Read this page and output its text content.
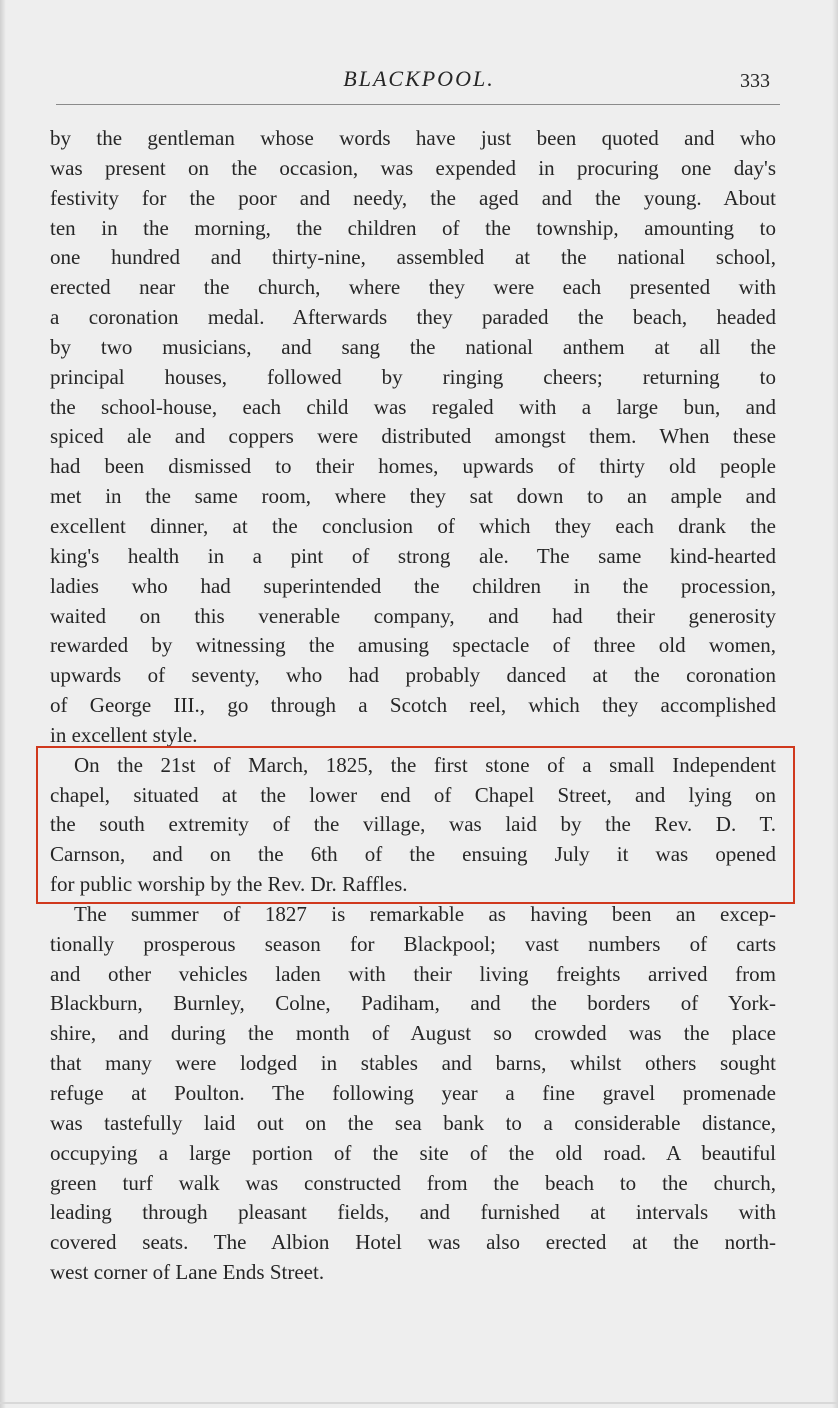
BLACKPOOL.	333
by the gentleman whose words have just been quoted and who
was present on the occasion, was expended in procuring one day's
festivity for the poor and needy, the aged and the young. About
ten in the morning, the children of the township, amounting to
one hundred and thirty-nine, assembled at the national school,
erected near the church, where they were each presented with
a coronation medal. Afterwards they paraded the beach, headed
by two musicians, and sang the national anthem at all the
principal houses, followed by ringing cheers; returning to
the school-house, each child was regaled with a large bun, and
spiced ale and coppers were distributed amongst them. When these
had been dismissed to their homes, upwards of thirty old people
met in the same room, where they sat down to an ample and
excellent dinner, at the conclusion of which they each drank the
king's health in a pint of strong ale. The same kind-hearted
ladies who had superintended the children in the procession,
waited on this venerable company, and had their generosity
rewarded by witnessing the amusing spectacle of three old women,
upwards of seventy, who had probably danced at the coronation
of George III., go through a Scotch reel, which they accomplished
in excellent style.
On the 21st of March, 1825, the first stone of a small Independent
chapel, situated at the lower end of Chapel Street, and lying on
the south extremity of the village, was laid by the Rev. D. T.
Carnson, and on the 6th of the ensuing July it was opened
for public worship by the Rev. Dr. Raffles.
The summer of 1827 is remarkable as having been an excep-
tionally prosperous season for Blackpool; vast numbers of carts
and other vehicles laden with their living freights arrived from
Blackburn, Burnley, Colne, Padiham, and the borders of York-
shire, and during the month of August so crowded was the place
that many were lodged in stables and barns, whilst others sought
refuge at Poulton. The following year a fine gravel promenade
was tastefully laid out on the sea bank to a considerable distance,
occupying a large portion of the site of the old road. A beautiful
green turf walk was constructed from the beach to the church,
leading through pleasant fields, and furnished at intervals with
covered seats. The Albion Hotel was also erected at the north-
west corner of Lane Ends Street.
